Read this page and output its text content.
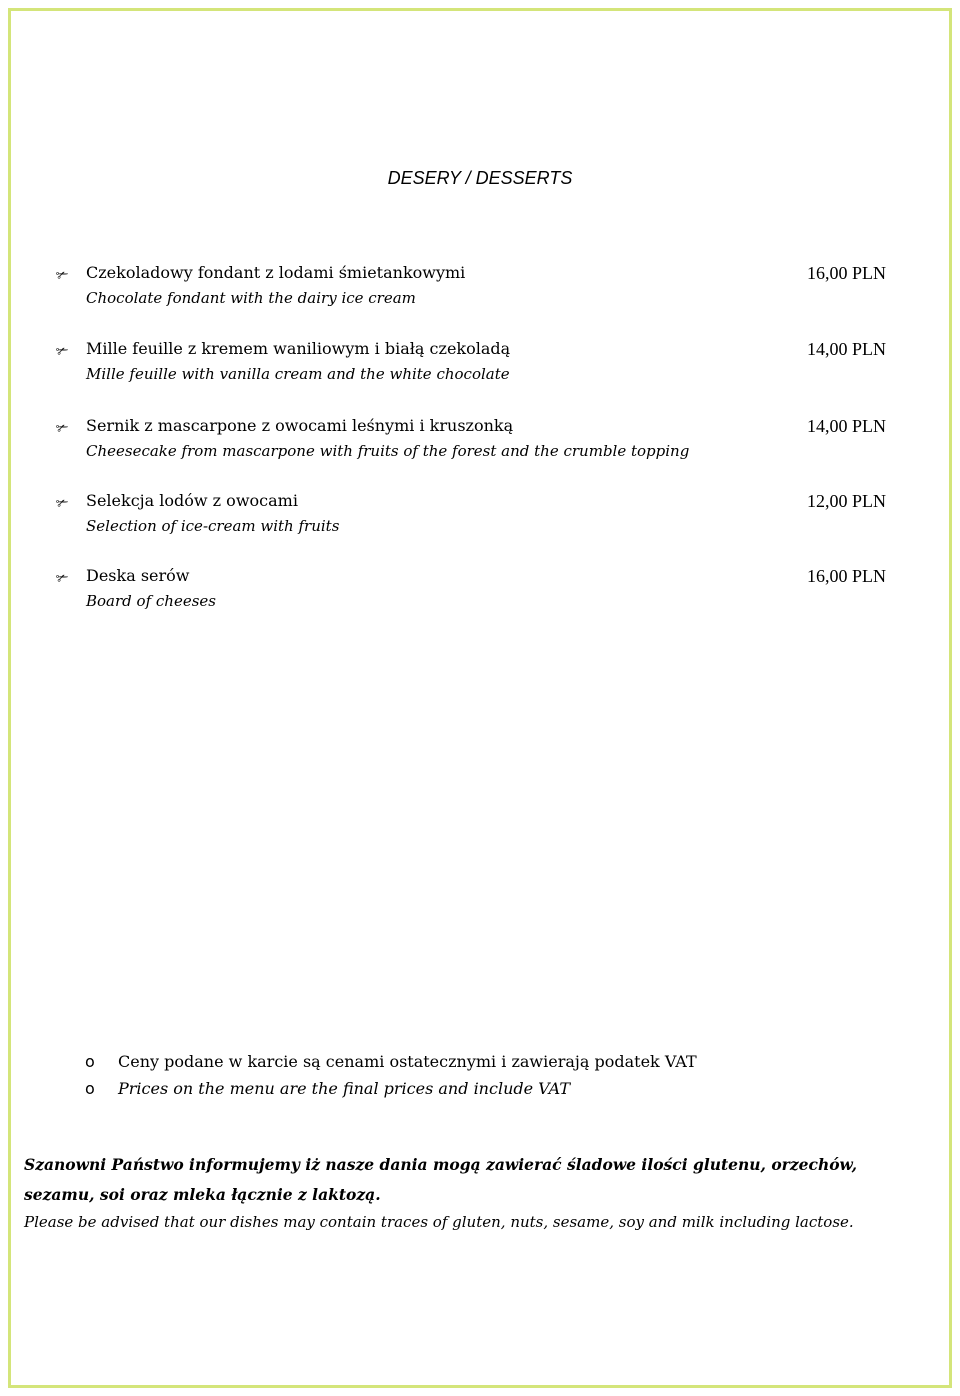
DESERY / DESSERTS
✃ Czekoladowy fondant z lodami śmietankowymi
Chocolate fondant with the dairy ice cream
16,00 PLN
✃ Mille feuille z kremem waniliowym i białą czekoladą
Mille feuille with vanilla cream and the white chocolate
14,00 PLN
✃ Sernik z mascarpone z owocami leśnymi i kruszonką
Cheesecake from mascarpone with fruits of the forest and the crumble topping
14,00 PLN
✃ Selekcja lodów z owocami
Selection of ice-cream with fruits
12,00 PLN
✃ Deska serów
Board of cheeses
16,00 PLN
o Ceny podane w karcie są cenami ostatecznymi i zawierają podatek VAT
o Prices on the menu are the final prices and include VAT
Szanowni Państwo informujemy iż nasze dania mogą zawierać śladowe ilości glutenu, orzechów, sezamu, soi oraz mleka łącznie z laktozą.
Please be advised that our dishes may contain traces of gluten, nuts, sesame, soy and milk including lactose.
